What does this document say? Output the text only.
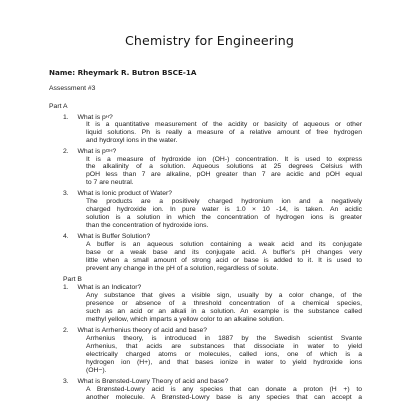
Chemistry for Engineering
Name: Rheymark R. Butron BSCE-1A
Assessment #3
Part A
1. What is $p^H$?
It is a quantitative measurement of the acidity or basicity of aqueous or other
liquid solutions. Ph is really a measure of a relative amount of free hydrogen
and hydroxyl ions in the water.
2. What is $p^{OH}$?
It is a measure of hydroxide ion (OH-) concentration. It is used to express
the alkalinity of a solution. Aqueous solutions at 25 degrees Celsius with
pOH less than 7 are alkaline, pOH greater than 7 are acidic and pOH equal
to 7 are neutral.
3. What is Ionic product of Water?
The products are a positively charged hydronium ion and a negatively
charged hydroxide ion. In pure water is 1.0 × 10 -14, is taken. An acidic
solution is a solution in which the concentration of hydrogen ions is greater
than the concentration of hydroxide ions.
4. What is Buffer Solution?
A buffer is an aqueous solution containing a weak acid and its conjugate
base or a weak base and its conjugate acid. A buffer's pH changes very
little when a small amount of strong acid or base is added to it. It is used to
prevent any change in the pH of a solution, regardless of solute.
Part B
1. What is an Indicator?
Any substance that gives a visible sign, usually by a color change, of the
presence or absence of a threshold concentration of a chemical species,
such as an acid or an alkali in a solution. An example is the substance called
methyl yellow, which imparts a yellow color to an alkaline solution.
2. What is Arrhenius theory of acid and base?
Arrhenius theory, is introduced in 1887 by the Swedish scientist Svante
Arrhenius, that acids are substances that dissociate in water to yield
electrically charged atoms or molecules, called ions, one of which is a
hydrogen ion (H+), and that bases ionize in water to yield hydroxide ions
(OH−).
3. What is Brønsted-Lowry Theory of acid and base?
A Brønsted-Lowry acid is any species that can donate a proton (H +) to
another molecule. A Brønsted-Lowry base is any species that can accept a
